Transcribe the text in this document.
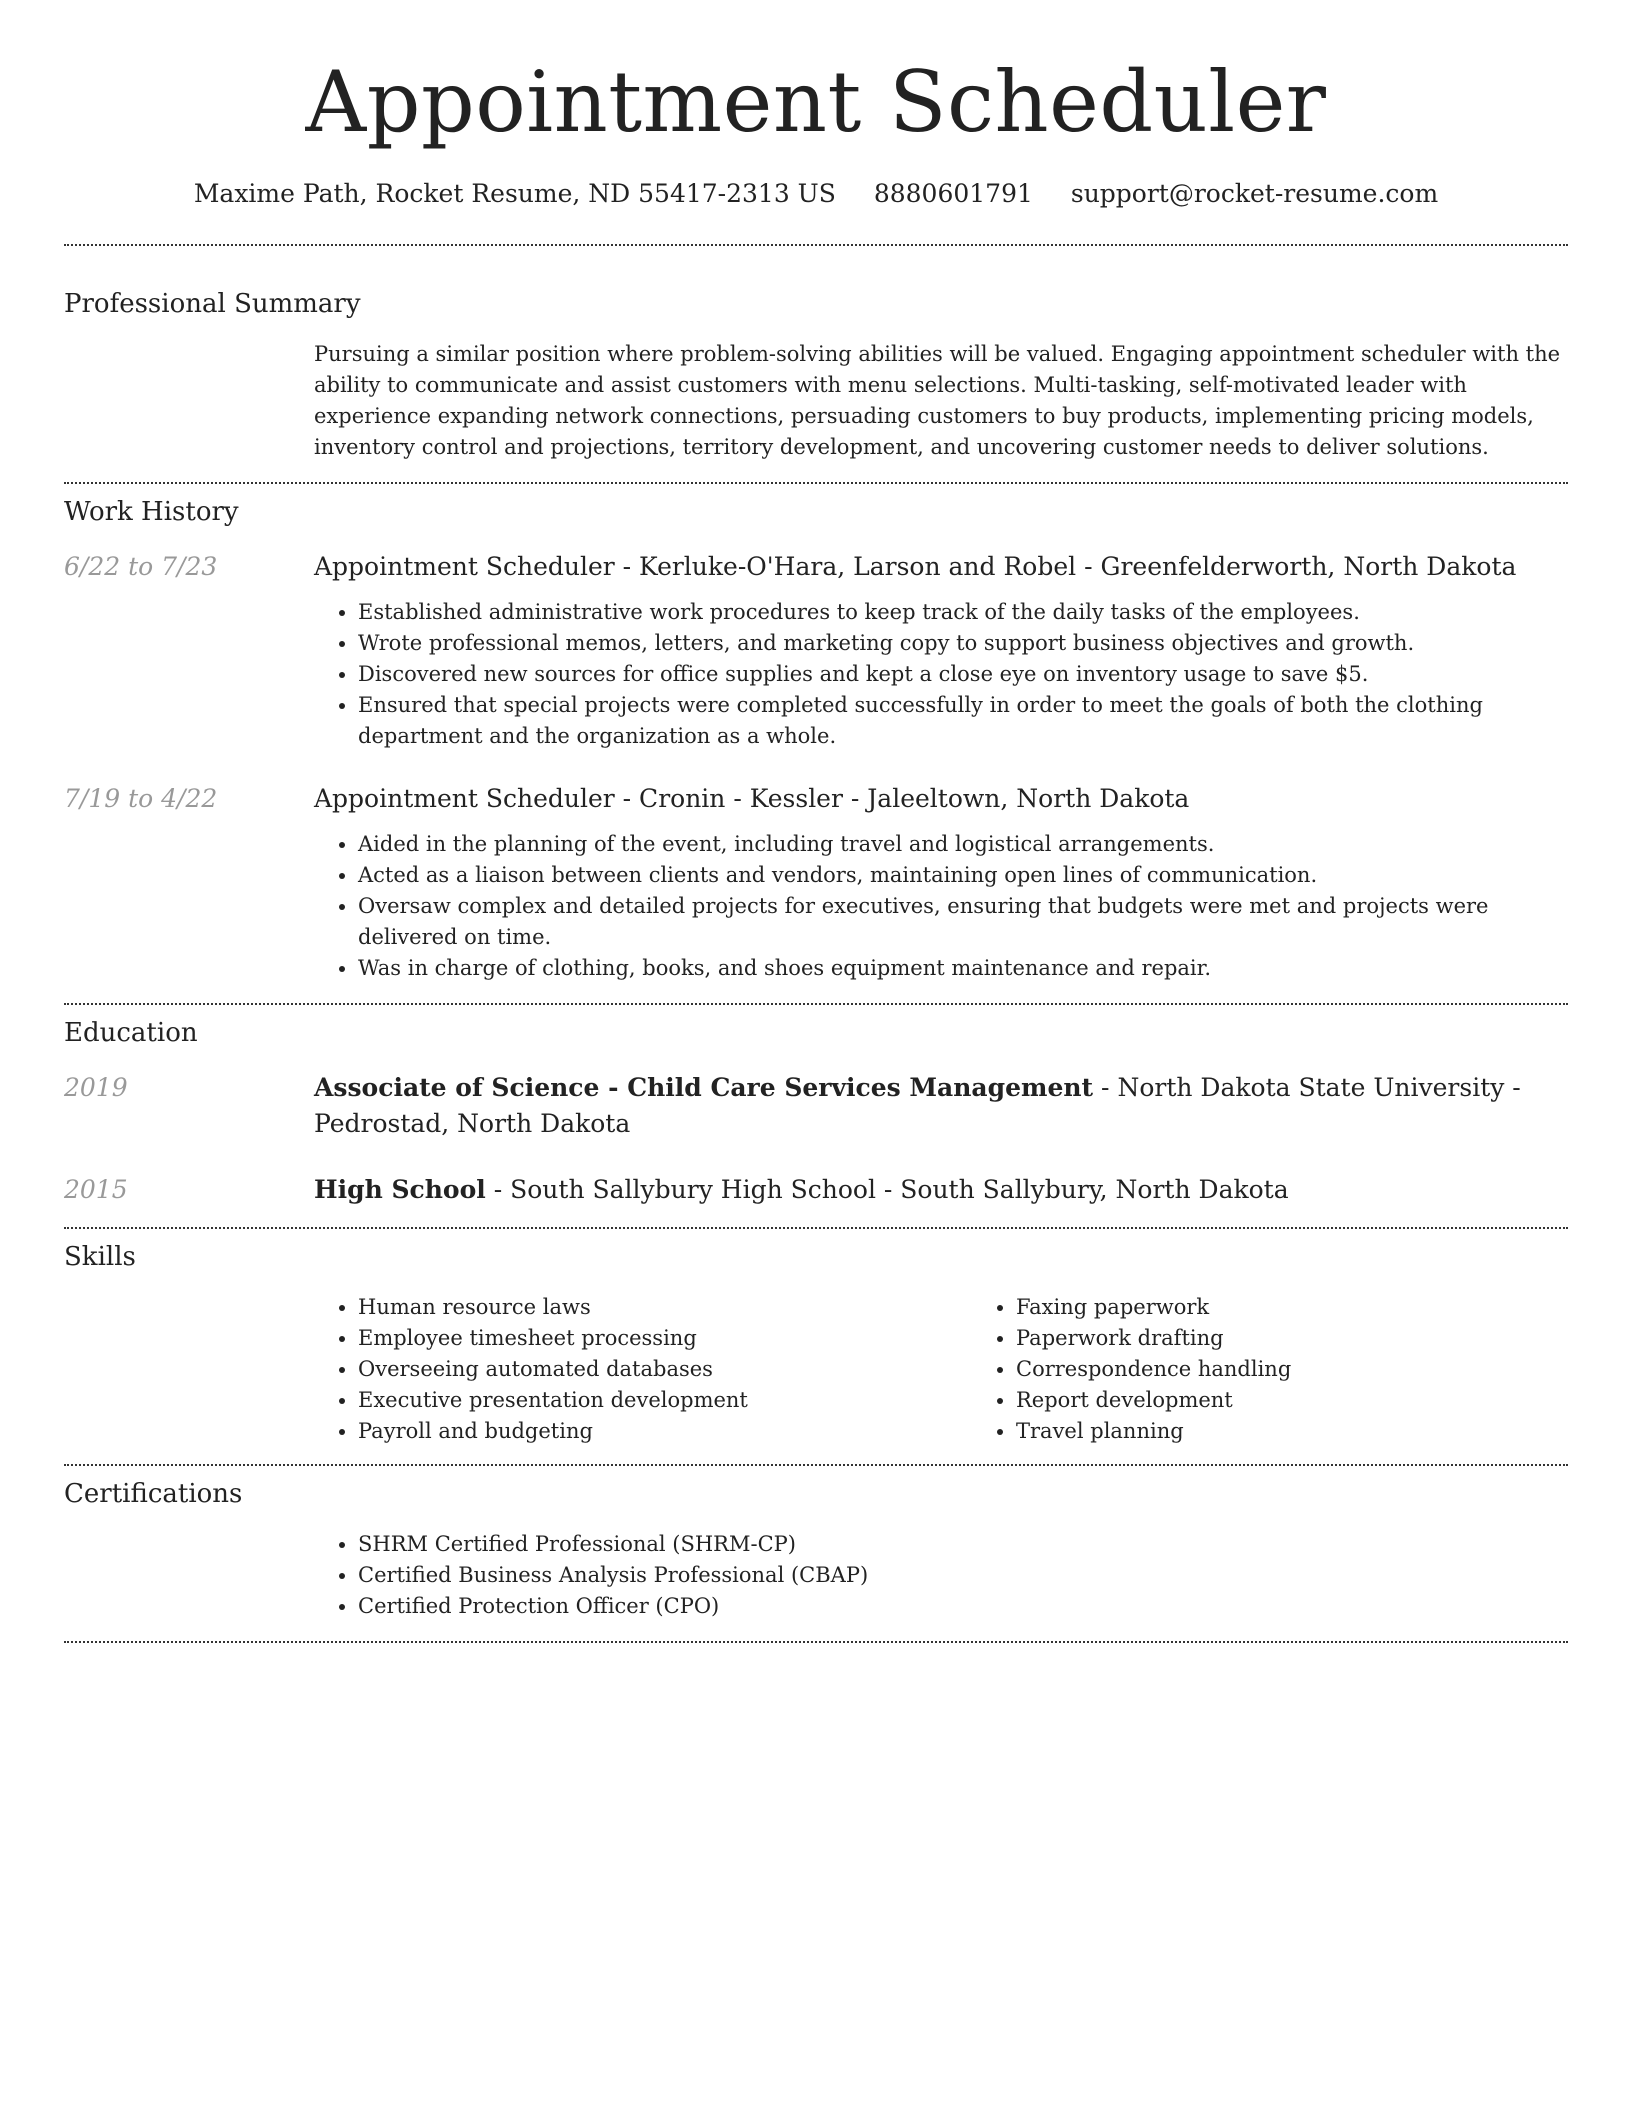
Appointment Scheduler
Maxime Path, Rocket Resume, ND 55417-2313 US 8880601791 support@rocket-resume.com
Professional Summary
Pursuing a similar position where problem-solving abilities will be valued. Engaging appointment scheduler with the ability to communicate and assist customers with menu selections. Multi-tasking, self-motivated leader with experience expanding network connections, persuading customers to buy products, implementing pricing models, inventory control and projections, territory development, and uncovering customer needs to deliver solutions.
Work History
6/22 to 7/23	Appointment Scheduler - Kerluke-O'Hara, Larson and Robel - Greenfelderworth, North Dakota
• Established administrative work procedures to keep track of the daily tasks of the employees.
• Wrote professional memos, letters, and marketing copy to support business objectives and growth.
• Discovered new sources for office supplies and kept a close eye on inventory usage to save $5.
• Ensured that special projects were completed successfully in order to meet the goals of both the clothing department and the organization as a whole.
7/19 to 4/22	Appointment Scheduler - Cronin - Kessler - Jaleeltown, North Dakota
• Aided in the planning of the event, including travel and logistical arrangements.
• Acted as a liaison between clients and vendors, maintaining open lines of communication.
• Oversaw complex and detailed projects for executives, ensuring that budgets were met and projects were delivered on time.
• Was in charge of clothing, books, and shoes equipment maintenance and repair.
Education
2019	Associate of Science - Child Care Services Management - North Dakota State University - Pedrostad, North Dakota
2015	High School - South Sallybury High School - South Sallybury, North Dakota
Skills
• Human resource laws
• Employee timesheet processing
• Overseeing automated databases
• Executive presentation development
• Payroll and budgeting
• Faxing paperwork
• Paperwork drafting
• Correspondence handling
• Report development
• Travel planning
Certifications
• SHRM Certified Professional (SHRM-CP)
• Certified Business Analysis Professional (CBAP)
• Certified Protection Officer (CPO)
